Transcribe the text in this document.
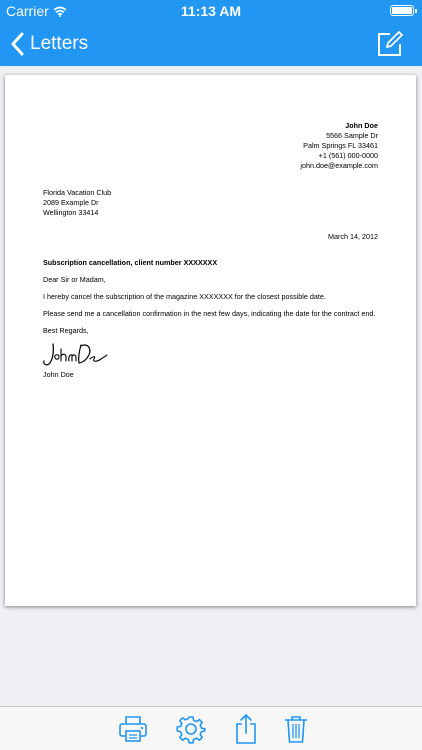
Carrier	11:13 AM
Letters
John Doe
5566 Sample Dr
Palm Springs FL 33461
+1 (561) 000-0000
john.doe@example.com
Florida Vacation Club
2089 Example Dr
Wellington 33414
March 14, 2012
Subscription cancellation, client number XXXXXXX

Dear Sir or Madam,

I hereby cancel the subscription of the magazine XXXXXXX for the closest possible date.

Please send me a cancellation confirmation in the next few days, indicating the date for the contract end.

Best Regards,

John Doe
